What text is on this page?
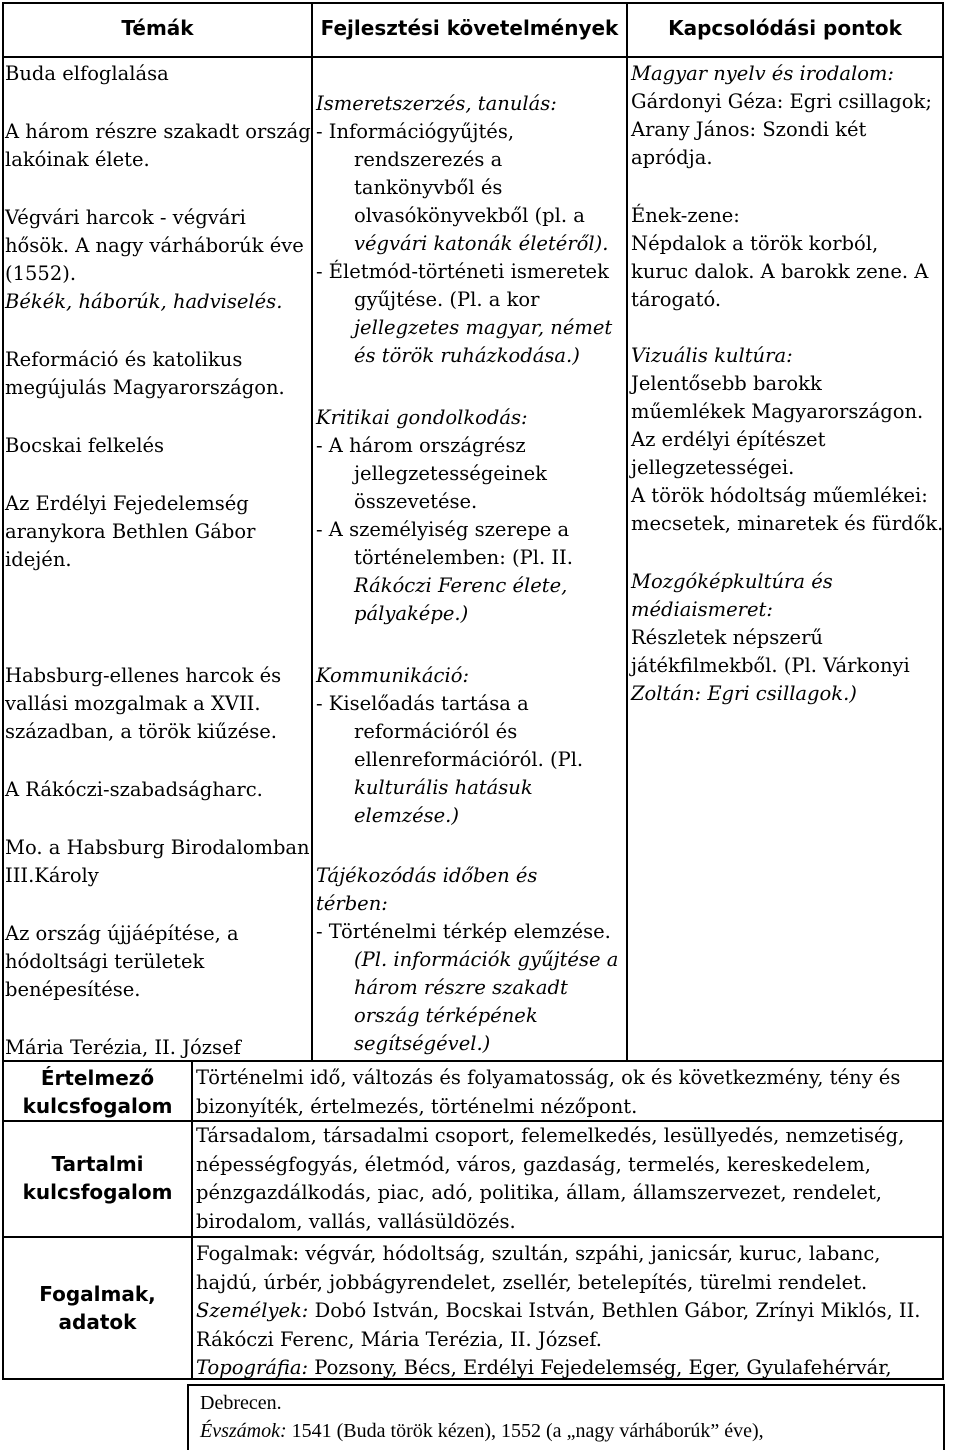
Témák	Fejlesztési követelmények	Kapcsolódási pontok
Buda elfoglalása
A három részre szakadt ország
lakóinak élete.
Végvári harcok - végvári
hősök. A nagy várháborúk éve
(1552).
Békék, háborúk, hadviselés.
Reformáció és katolikus
megújulás Magyarországon.
Bocskai felkelés
Az Erdélyi Fejedelemség
aranykora Bethlen Gábor
idején.
Habsburg-ellenes harcok és
vallási mozgalmak a XVII.
században, a török kiűzése.
A Rákóczi-szabadságharc.
Mo. a Habsburg Birodalomban
III.Károly
Az ország újjáépítése, a
hódoltsági területek
benépesítése.
Mária Terézia, II. József
Ismeretszerzés, tanulás:
- Információgyűjtés,
rendszerezés a
tankönyvből és
olvasókönyvekből (pl. a
végvári katonák életéről).
- Életmód-történeti ismeretek
gyűjtése. (Pl. a kor
jellegzetes magyar, német
és török ruházkodása.)
Kritikai gondolkodás:
- A három országrész
jellegzetességeinek
összevetése.
- A személyiség szerepe a
történelemben: (Pl. II.
Rákóczi Ferenc élete,
pályaképe.)
Kommunikáció:
- Kiselőadás tartása a
reformációról és
ellenreformációról. (Pl.
kulturális hatásuk
elemzése.)
Tájékozódás időben és
térben:
- Történelmi térkép elemzése.
(Pl. információk gyűjtése a
három részre szakadt
ország térképének
segítségével.)
Magyar nyelv és irodalom:
Gárdonyi Géza: Egri csillagok;
Arany János: Szondi két
apródja.
Ének-zene:
Népdalok a török korból,
kuruc dalok. A barokk zene. A
tárogató.
Vizuális kultúra:
Jelentősebb barokk
műemlékek Magyarországon.
Az erdélyi építészet
jellegzetességei.
A török hódoltság műemlékei:
mecsetek, minaretek és fürdők.
Mozgóképkultúra és
médiaismeret:
Részletek népszerű
játékfilmekből. (Pl. Várkonyi
Zoltán: Egri csillagok.)
Értelmező
kulcsfogalom
Tartalmi
kulcsfogalom
Fogalmak,
adatok
Történelmi idő, változás és folyamatosság, ok és következmény, tény és
bizonyíték, értelmezés, történelmi nézőpont.
Társadalom, társadalmi csoport, felemelkedés, lesüllyedés, nemzetiség,
népességfogyás, életmód, város, gazdaság, termelés, kereskedelem,
pénzgazdálkodás, piac, adó, politika, állam, államszervezet, rendelet,
birodalom, vallás, vallásüldözés.
Fogalmak: végvár, hódoltság, szultán, szpáhi, janicsár, kuruc, labanc,
hajdú, úrbér, jobbágyrendelet, zsellér, betelepítés, türelmi rendelet.
Személyek: Dobó István, Bocskai István, Bethlen Gábor, Zrínyi Miklós, II.
Rákóczi Ferenc, Mária Terézia, II. József.
Topográfia: Pozsony, Bécs, Erdélyi Fejedelemség, Eger, Gyulafehérvár,
Debrecen.
Évszámok: 1541 (Buda török kézen), 1552 (a „nagy várháborúk” éve),
